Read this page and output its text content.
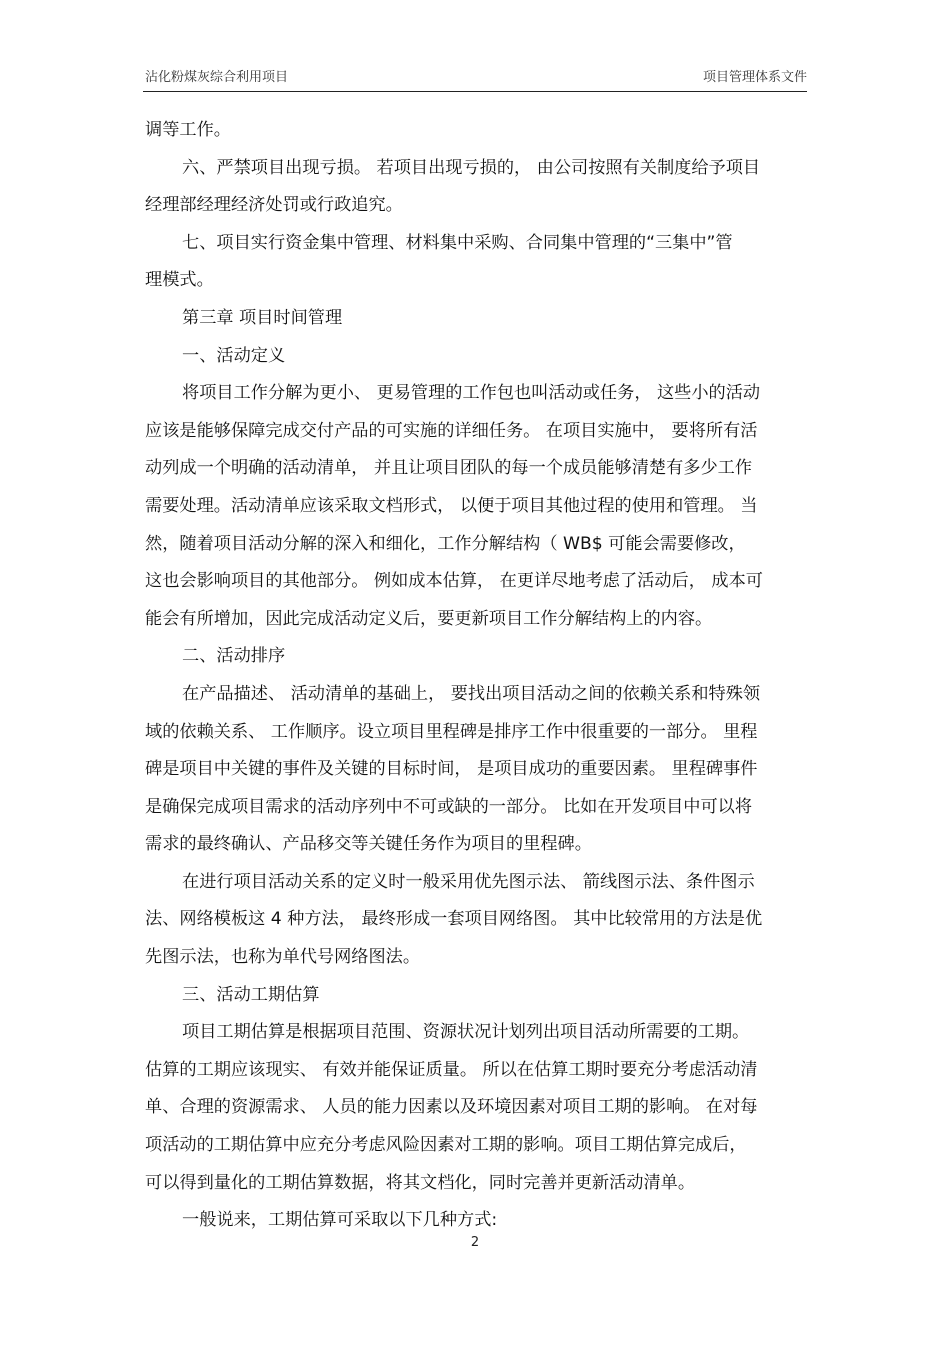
沾化粉煤灰综合利用项目	项目管理体系文件
调等工作。
六、严禁项目出现亏损。 若项目出现亏损的， 由公司按照有关制度给予项目
经理部经理经济处罚或行政追究。
七、项目实行资金集中管理、材料集中采购、合同集中管理的“三集中”管
理模式。
第三章 项目时间管理
一、活动定义
将项目工作分解为更小、 更易管理的工作包也叫活动或任务， 这些小的活动
应该是能够保障完成交付产品的可实施的详细任务。 在项目实施中， 要将所有活
动列成一个明确的活动清单， 并且让项目团队的每一个成员能够清楚有多少工作
需要处理。活动清单应该采取文档形式， 以便于项目其他过程的使用和管理。 当
然，随着项目活动分解的深入和细化，工作分解结构（ WB$ 可能会需要修改，
这也会影响项目的其他部分。 例如成本估算， 在更详尽地考虑了活动后， 成本可
能会有所增加，因此完成活动定义后，要更新项目工作分解结构上的内容。
二、活动排序
在产品描述、 活动清单的基础上， 要找出项目活动之间的依赖关系和特殊领
域的依赖关系、 工作顺序。设立项目里程碑是排序工作中很重要的一部分。 里程
碑是项目中关键的事件及关键的目标时间， 是项目成功的重要因素。 里程碑事件
是确保完成项目需求的活动序列中不可或缺的一部分。 比如在开发项目中可以将
需求的最终确认、产品移交等关键任务作为项目的里程碑。
在进行项目活动关系的定义时一般采用优先图示法、 箭线图示法、条件图示
法、网络模板这 4 种方法， 最终形成一套项目网络图。 其中比较常用的方法是优
先图示法，也称为单代号网络图法。
三、活动工期估算
项目工期估算是根据项目范围、资源状况计划列出项目活动所需要的工期。
估算的工期应该现实、 有效并能保证质量。 所以在估算工期时要充分考虑活动清
单、合理的资源需求、 人员的能力因素以及环境因素对项目工期的影响。 在对每
项活动的工期估算中应充分考虑风险因素对工期的影响。项目工期估算完成后，
可以得到量化的工期估算数据，将其文档化，同时完善并更新活动清单。
一般说来，工期估算可采取以下几种方式:
2
